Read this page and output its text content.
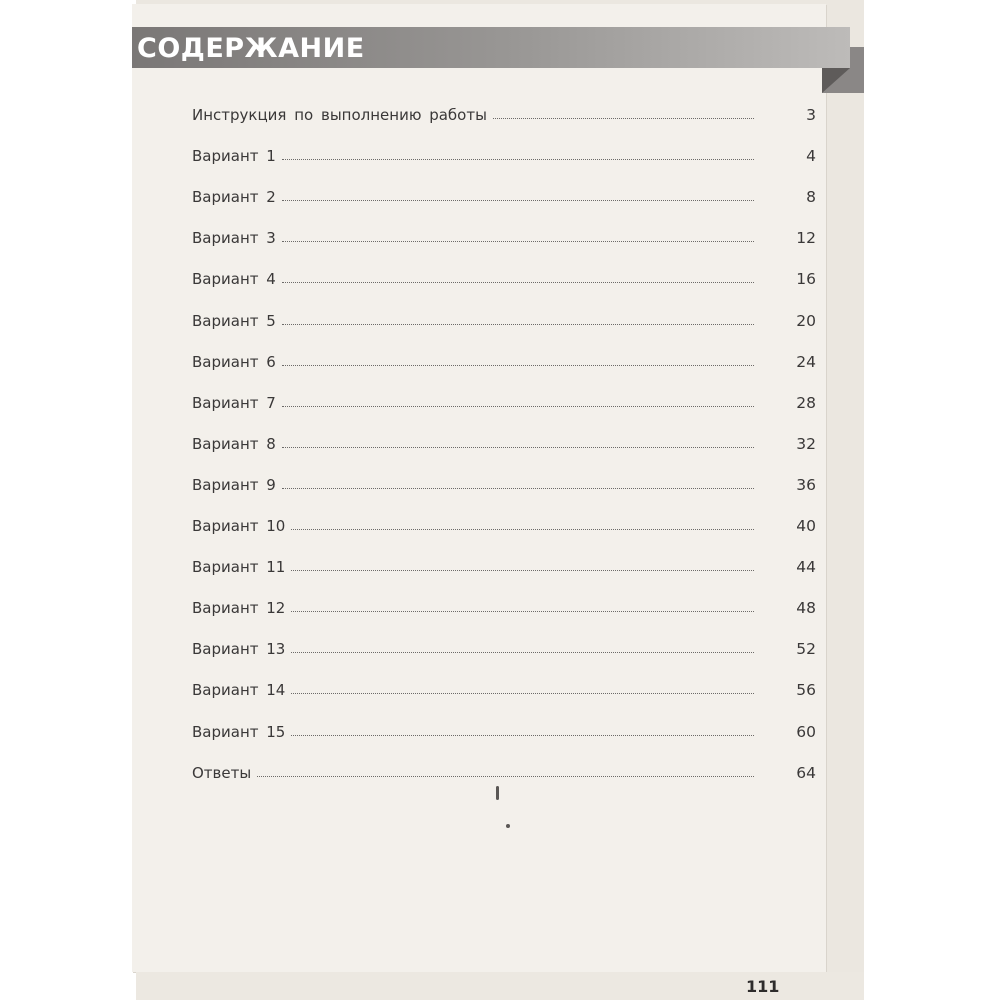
СОДЕРЖАНИЕ
Инструкция по выполнению работы	3
Вариант 1	4
Вариант 2	8
Вариант 3	12
Вариант 4	16
Вариант 5	20
Вариант 6	24
Вариант 7	28
Вариант 8	32
Вариант 9	36
Вариант 10	40
Вариант 11	44
Вариант 12	48
Вариант 13	52
Вариант 14	56
Вариант 15	60
Ответы	64
111
